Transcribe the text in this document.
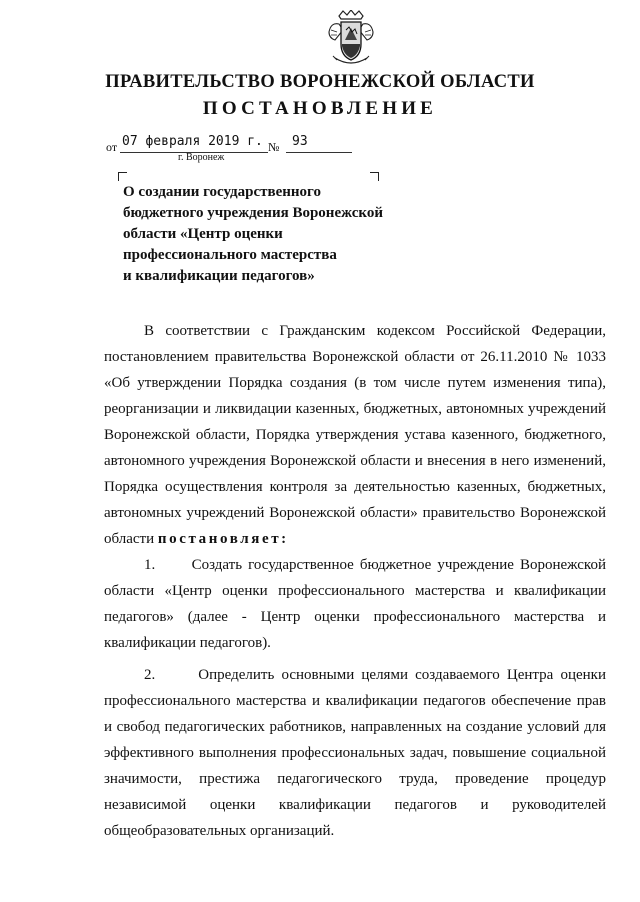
ПРАВИТЕЛЬСТВО ВОРОНЕЖСКОЙ ОБЛАСТИ
ПОСТАНОВЛЕНИЕ
от 07 февраля 2019 г. № 93
г. Воронеж
О создании государственного
бюджетного учреждения Воронежской
области «Центр оценки
профессионального мастерства
и квалификации педагогов»

В соответствии с Гражданским кодексом Российской Федерации, постановлением правительства Воронежской области от 26.11.2010 № 1033 «Об утверждении Порядка создания (в том числе путем изменения типа), реорганизации и ликвидации казенных, бюджетных, автономных учреждений Воронежской области, Порядка утверждения устава казенного, бюджетного, автономного учреждения Воронежской области и внесения в него изменений, Порядка осуществления контроля за деятельностью казенных, бюджетных, автономных учреждений Воронежской области» правительство Воронежской области постановляет:

1. Создать государственное бюджетное учреждение Воронежской области «Центр оценки профессионального мастерства и квалификации педагогов» (далее - Центр оценки профессионального мастерства и квалификации педагогов).

2.	Определить основными целями создаваемого Центра оценки профессионального мастерства и квалификации педагогов обеспечение прав и свобод педагогических работников, направленных на создание условий для эффективного выполнения профессиональных задач, повышение социальной значимости, престижа педагогического труда, проведение процедур независимой оценки квалификации педагогов и руководителей общеобразовательных организаций.
